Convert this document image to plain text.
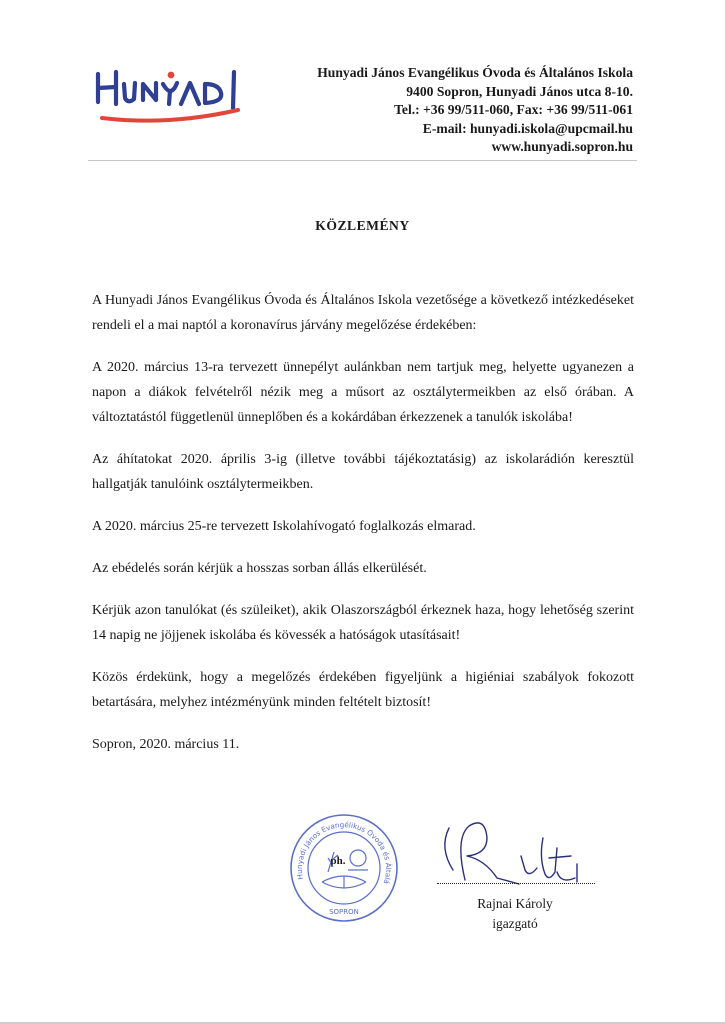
Hunyadi János Evangélikus Óvoda és Általános Iskola
9400 Sopron, Hunyadi János utca 8-10.
Tel.: +36 99/511-060, Fax: +36 99/511-061
E-mail: hunyadi.iskola@upcmail.hu
www.hunyadi.sopron.hu
KÖZLEMÉNY

A Hunyadi János Evangélikus Óvoda és Általános Iskola vezetősége a következő intézkedéseket rendeli el a mai naptól a koronavírus járvány megelőzése érdekében:

A 2020. március 13-ra tervezett ünnepélyt aulánkban nem tartjuk meg, helyette ugyanezen a napon a diákok felvételről nézik meg a műsort az osztálytermeikben az első órában. A változtatástól függetlenül ünneplőben és a kokárdában érkezzenek a tanulók iskolába!

Az áhítatokat 2020. április 3-ig (illetve további tájékoztatásig) az iskolarádión keresztül hallgatják tanulóink osztálytermeikben.

A 2020. március 25-re tervezett Iskolahívogató foglalkozás elmarad.

Az ebédelés során kérjük a hosszas sorban állás elkerülését.

Kérjük azon tanulókat (és szüleiket), akik Olaszországból érkeznek haza, hogy lehetőség szerint 14 napig ne jöjjenek iskolába és kövessék a hatóságok utasításait!

Közös érdekünk, hogy a megelőzés érdekében figyeljünk a higiéniai szabályok fokozott betartására, melyhez intézményünk minden feltételt biztosít!

Sopron, 2020. március 11.

Hunyadi János Evangélikus Óvoda és Általá
SOPRON
ph.
Rajnai Károly
igazgató
